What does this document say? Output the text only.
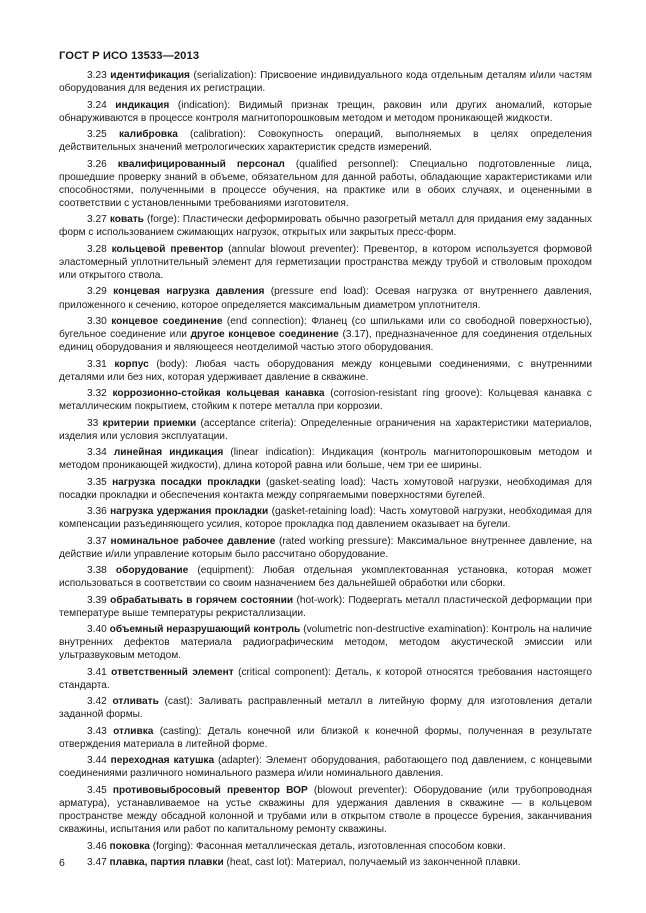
ГОСТ Р ИСО 13533—2013

3.23 идентификация (serialization): Присвоение индивидуального кода отдельным деталям и/или частям оборудования для ведения их регистрации.

3.24 индикация (indication): Видимый признак трещин, раковин или других аномалий, которые обнаруживаются в процессе контроля магнитопорошковым методом и методом проникающей жидкости.

3.25 калибровка (calibration): Совокупность операций, выполняемых в целях определения действительных значений метрологических характеристик средств измерений.

3.26 квалифицированный персонал (qualified personnel): Специально подготовленные лица, прошедшие проверку знаний в объеме, обязательном для данной работы, обладающие характеристиками или способностями, полученными в процессе обучения, на практике или в обоих случаях, и оцененными в соответствии с установленными требованиями изготовителя.

3.27 ковать (forge): Пластически деформировать обычно разогретый металл для придания ему заданных форм с использованием сжимающих нагрузок, открытых или закрытых пресс-форм.

3.28 кольцевой превентор (annular blowout preventer): Превентор, в котором используется формовой эластомерный уплотнительный элемент для герметизации пространства между трубой и стволовым проходом или открытого ствола.

3.29 концевая нагрузка давления (pressure end load): Осевая нагрузка от внутреннего давления, приложенного к сечению, которое определяется максимальным диаметром уплотнителя.

3.30 концевое соединение (end connection): Фланец (со шпильками или со свободной поверхностью), бугельное соединение или другое концевое соединение (3.17), предназначенное для соединения отдельных единиц оборудования и являющееся неотделимой частью этого оборудования.

3.31 корпус (body): Любая часть оборудования между концевыми соединениями, с внутренними деталями или без них, которая удерживает давление в скважине.

3.32 коррозионно-стойкая кольцевая канавка (corrosion-resistant ring groove): Кольцевая канавка с металлическим покрытием, стойким к потере металла при коррозии.

33 критерии приемки (acceptance criteria): Определенные ограничения на характеристики материалов, изделия или условия эксплуатации.

3.34 линейная индикация (linear indication): Индикация (контроль магнитопорошковым методом и методом проникающей жидкости), длина которой равна или больше, чем три ее ширины.

3.35 нагрузка посадки прокладки (gasket-seating load): Часть хомутовой нагрузки, необходимая для посадки прокладки и обеспечения контакта между сопрягаемыми поверхностями бугелей.

3.36 нагрузка удержания прокладки (gasket-retaining load): Часть хомутовой нагрузки, необходимая для компенсации разъединяющего усилия, которое прокладка под давлением оказывает на бугели.

3.37 номинальное рабочее давление (rated working pressure): Максимальное внутреннее давление, на действие и/или управление которым было рассчитано оборудование.

3.38 оборудование (equipment): Любая отдельная укомплектованная установка, которая может использоваться в соответствии со своим назначением без дальнейшей обработки или сборки.

3.39 обрабатывать в горячем состоянии (hot-work): Подвергать металл пластической деформации при температуре выше температуры рекристаллизации.

3.40 объемный неразрушающий контроль (volumetric non-destructive examination): Контроль на наличие внутренних дефектов материала радиографическим методом, методом акустической эмиссии или ультразвуковым методом.

3.41 ответственный элемент (critical component): Деталь, к которой относятся требования настоящего стандарта.

3.42 отливать (cast): Заливать расправленный металл в литейную форму для изготовления детали заданной формы.

3.43 отливка (casting): Деталь конечной или близкой к конечной формы, полученная в результате отверждения материала в литейной форме.

3.44 переходная катушка (adapter): Элемент оборудования, работающего под давлением, с концевыми соединениями различного номинального размера и/или номинального давления.

3.45 противовыбросовый превентор ВОР (blowout preventer): Оборудование (или трубопроводная арматура), устанавливаемое на устье скважины для удержания давления в скважине — в кольцевом пространстве между обсадной колонной и трубами или в открытом стволе в процессе бурения, заканчивания скважины, испытания или работ по капитальному ремонту скважины.

3.46 поковка (forging): Фасонная металлическая деталь, изготовленная способом ковки.

3.47 плавка, партия плавки (heat, cast lot): Материал, получаемый из законченной плавки.

6
